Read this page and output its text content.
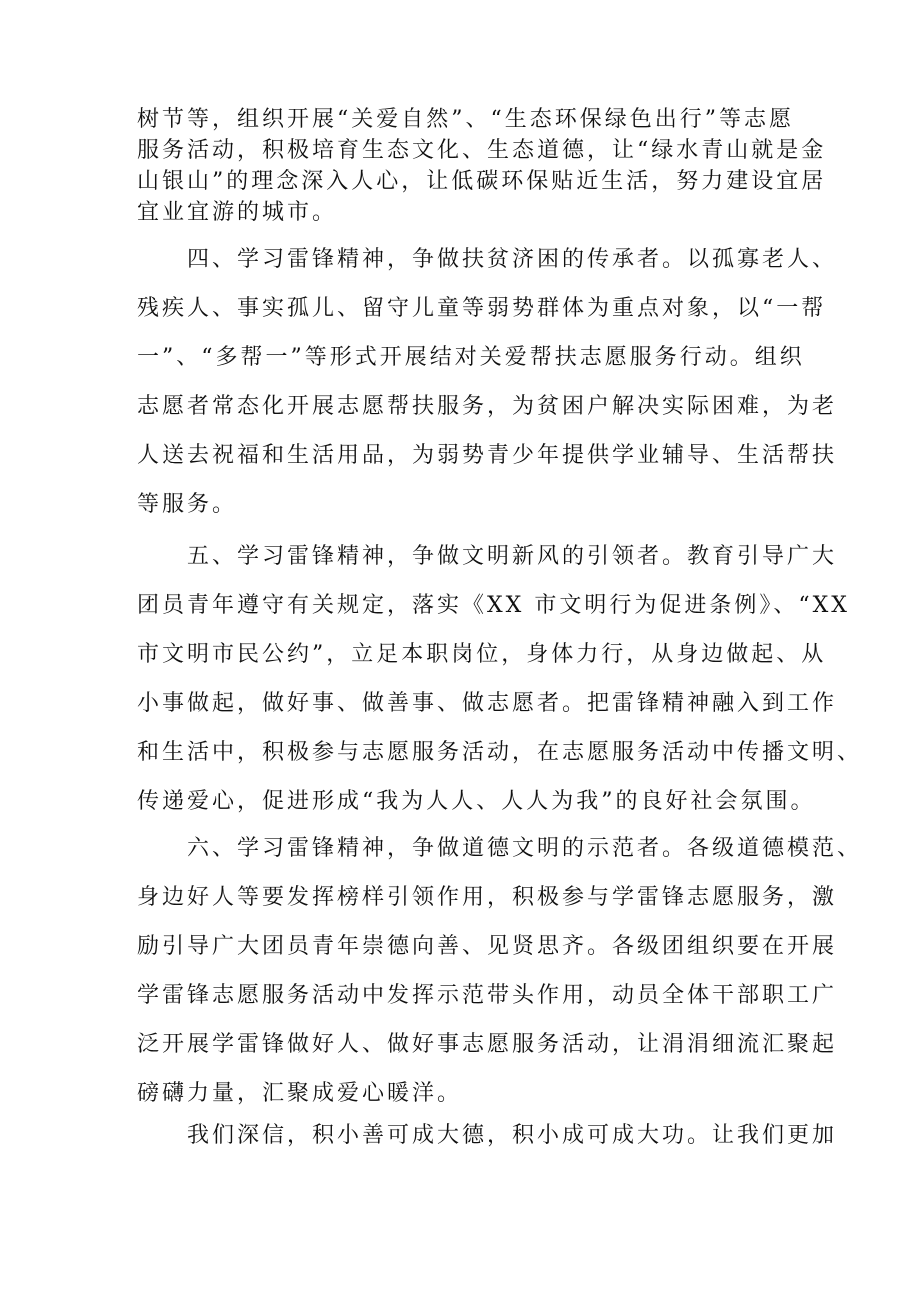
树节等，组织开展“关爱自然”、“生态环保绿色出行”等志愿
服务活动，积极培育生态文化、生态道德，让“绿水青山就是金
山银山”的理念深入人心，让低碳环保贴近生活，努力建设宜居
宜业宜游的城市。
　　四、学习雷锋精神，争做扶贫济困的传承者。以孤寡老人、
残疾人、事实孤儿、留守儿童等弱势群体为重点对象，以“一帮
一”、“多帮一”等形式开展结对关爱帮扶志愿服务行动。组织
志愿者常态化开展志愿帮扶服务，为贫困户解决实际困难，为老
人送去祝福和生活用品，为弱势青少年提供学业辅导、生活帮扶
等服务。
　　五、学习雷锋精神，争做文明新风的引领者。教育引导广大
团员青年遵守有关规定，落实《XX 市文明行为促进条例》、“XX
市文明市民公约”，立足本职岗位，身体力行，从身边做起、从
小事做起，做好事、做善事、做志愿者。把雷锋精神融入到工作
和生活中，积极参与志愿服务活动，在志愿服务活动中传播文明、
传递爱心，促进形成“我为人人、人人为我”的良好社会氛围。
　　六、学习雷锋精神，争做道德文明的示范者。各级道德模范、
身边好人等要发挥榜样引领作用，积极参与学雷锋志愿服务，激
励引导广大团员青年崇德向善、见贤思齐。各级团组织要在开展
学雷锋志愿服务活动中发挥示范带头作用，动员全体干部职工广
泛开展学雷锋做好人、做好事志愿服务活动，让涓涓细流汇聚起
磅礴力量，汇聚成爱心暖洋。
　　我们深信，积小善可成大德，积小成可成大功。让我们更加
